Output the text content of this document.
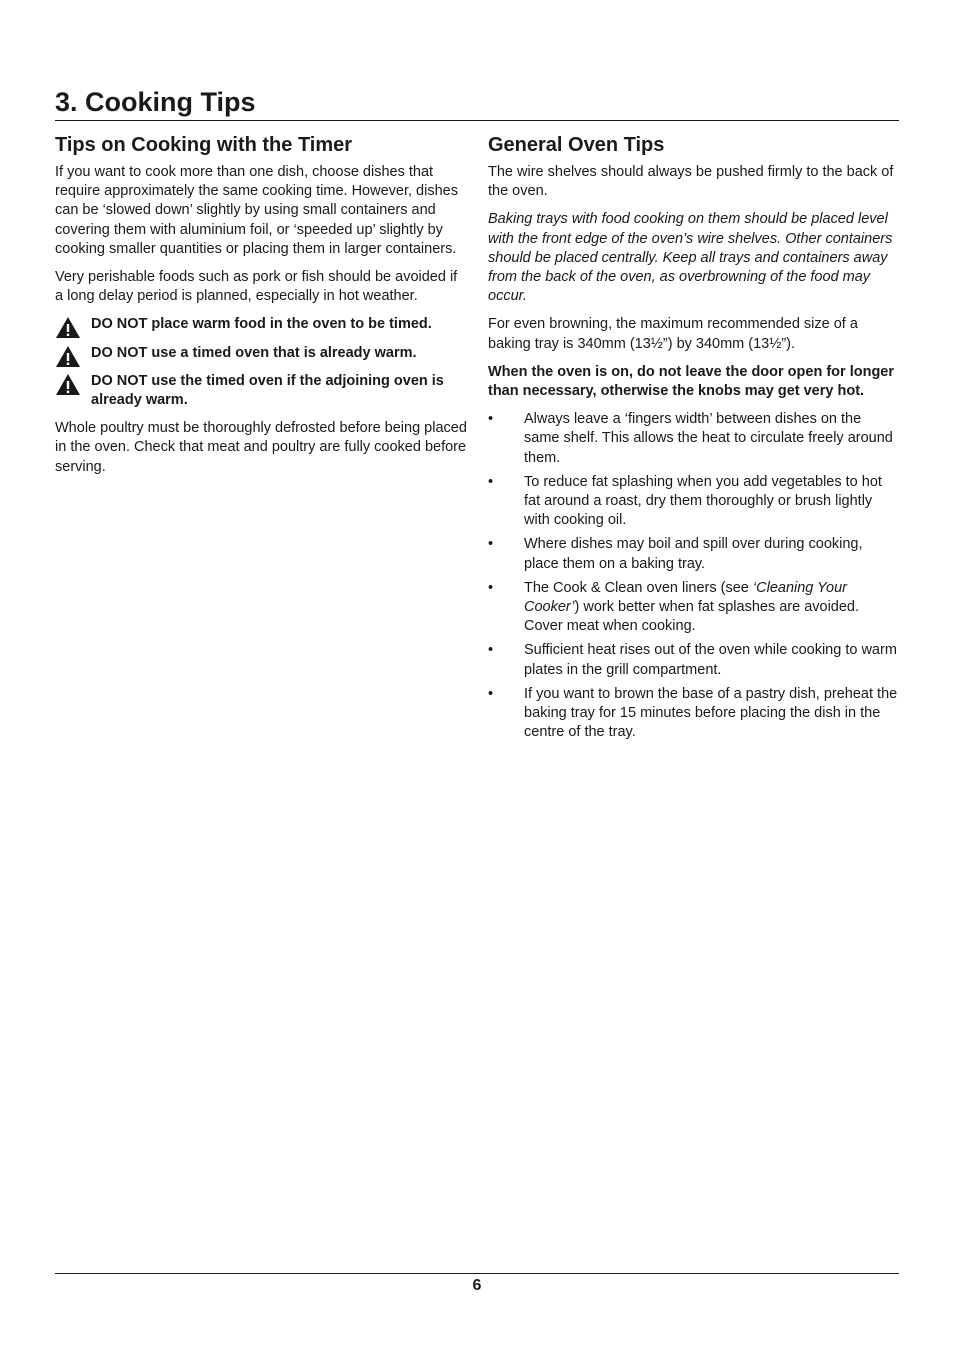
3. Cooking Tips
Tips on Cooking with the Timer

If you want to cook more than one dish, choose dishes that require approximately the same cooking time. However, dishes can be ‘slowed down’ slightly by using small containers and covering them with aluminium foil, or ‘speeded up’ slightly by cooking smaller quantities or placing them in larger containers.

Very perishable foods such as pork or fish should be avoided if a long delay period is planned, especially in hot weather.

DO NOT place warm food in the oven to be timed.
DO NOT use a timed oven that is already warm.
DO NOT use the timed oven if the adjoining oven is already warm.

Whole poultry must be thoroughly defrosted before being placed in the oven. Check that meat and poultry are fully cooked before serving.

General Oven Tips

The wire shelves should always be pushed firmly to the back of the oven.

Baking trays with food cooking on them should be placed level with the front edge of the oven’s wire shelves. Other containers should be placed centrally. Keep all trays and containers away from the back of the oven, as overbrowning of the food may occur.

For even browning, the maximum recommended size of a baking tray is 340mm (13½”) by 340mm (13½”).

When the oven is on, do not leave the door open for longer than necessary, otherwise the knobs may get very hot.

• Always leave a ‘fingers width’ between dishes on the same shelf. This allows the heat to circulate freely around them.
• To reduce fat splashing when you add vegetables to hot fat around a roast, dry them thoroughly or brush lightly with cooking oil.
• Where dishes may boil and spill over during cooking, place them on a baking tray.
• The Cook & Clean oven liners (see ‘Cleaning Your Cooker’) work better when fat splashes are avoided. Cover meat when cooking.
• Sufficient heat rises out of the oven while cooking to warm plates in the grill compartment.
• If you want to brown the base of a pastry dish, preheat the baking tray for 15 minutes before placing the dish in the centre of the tray.
6
